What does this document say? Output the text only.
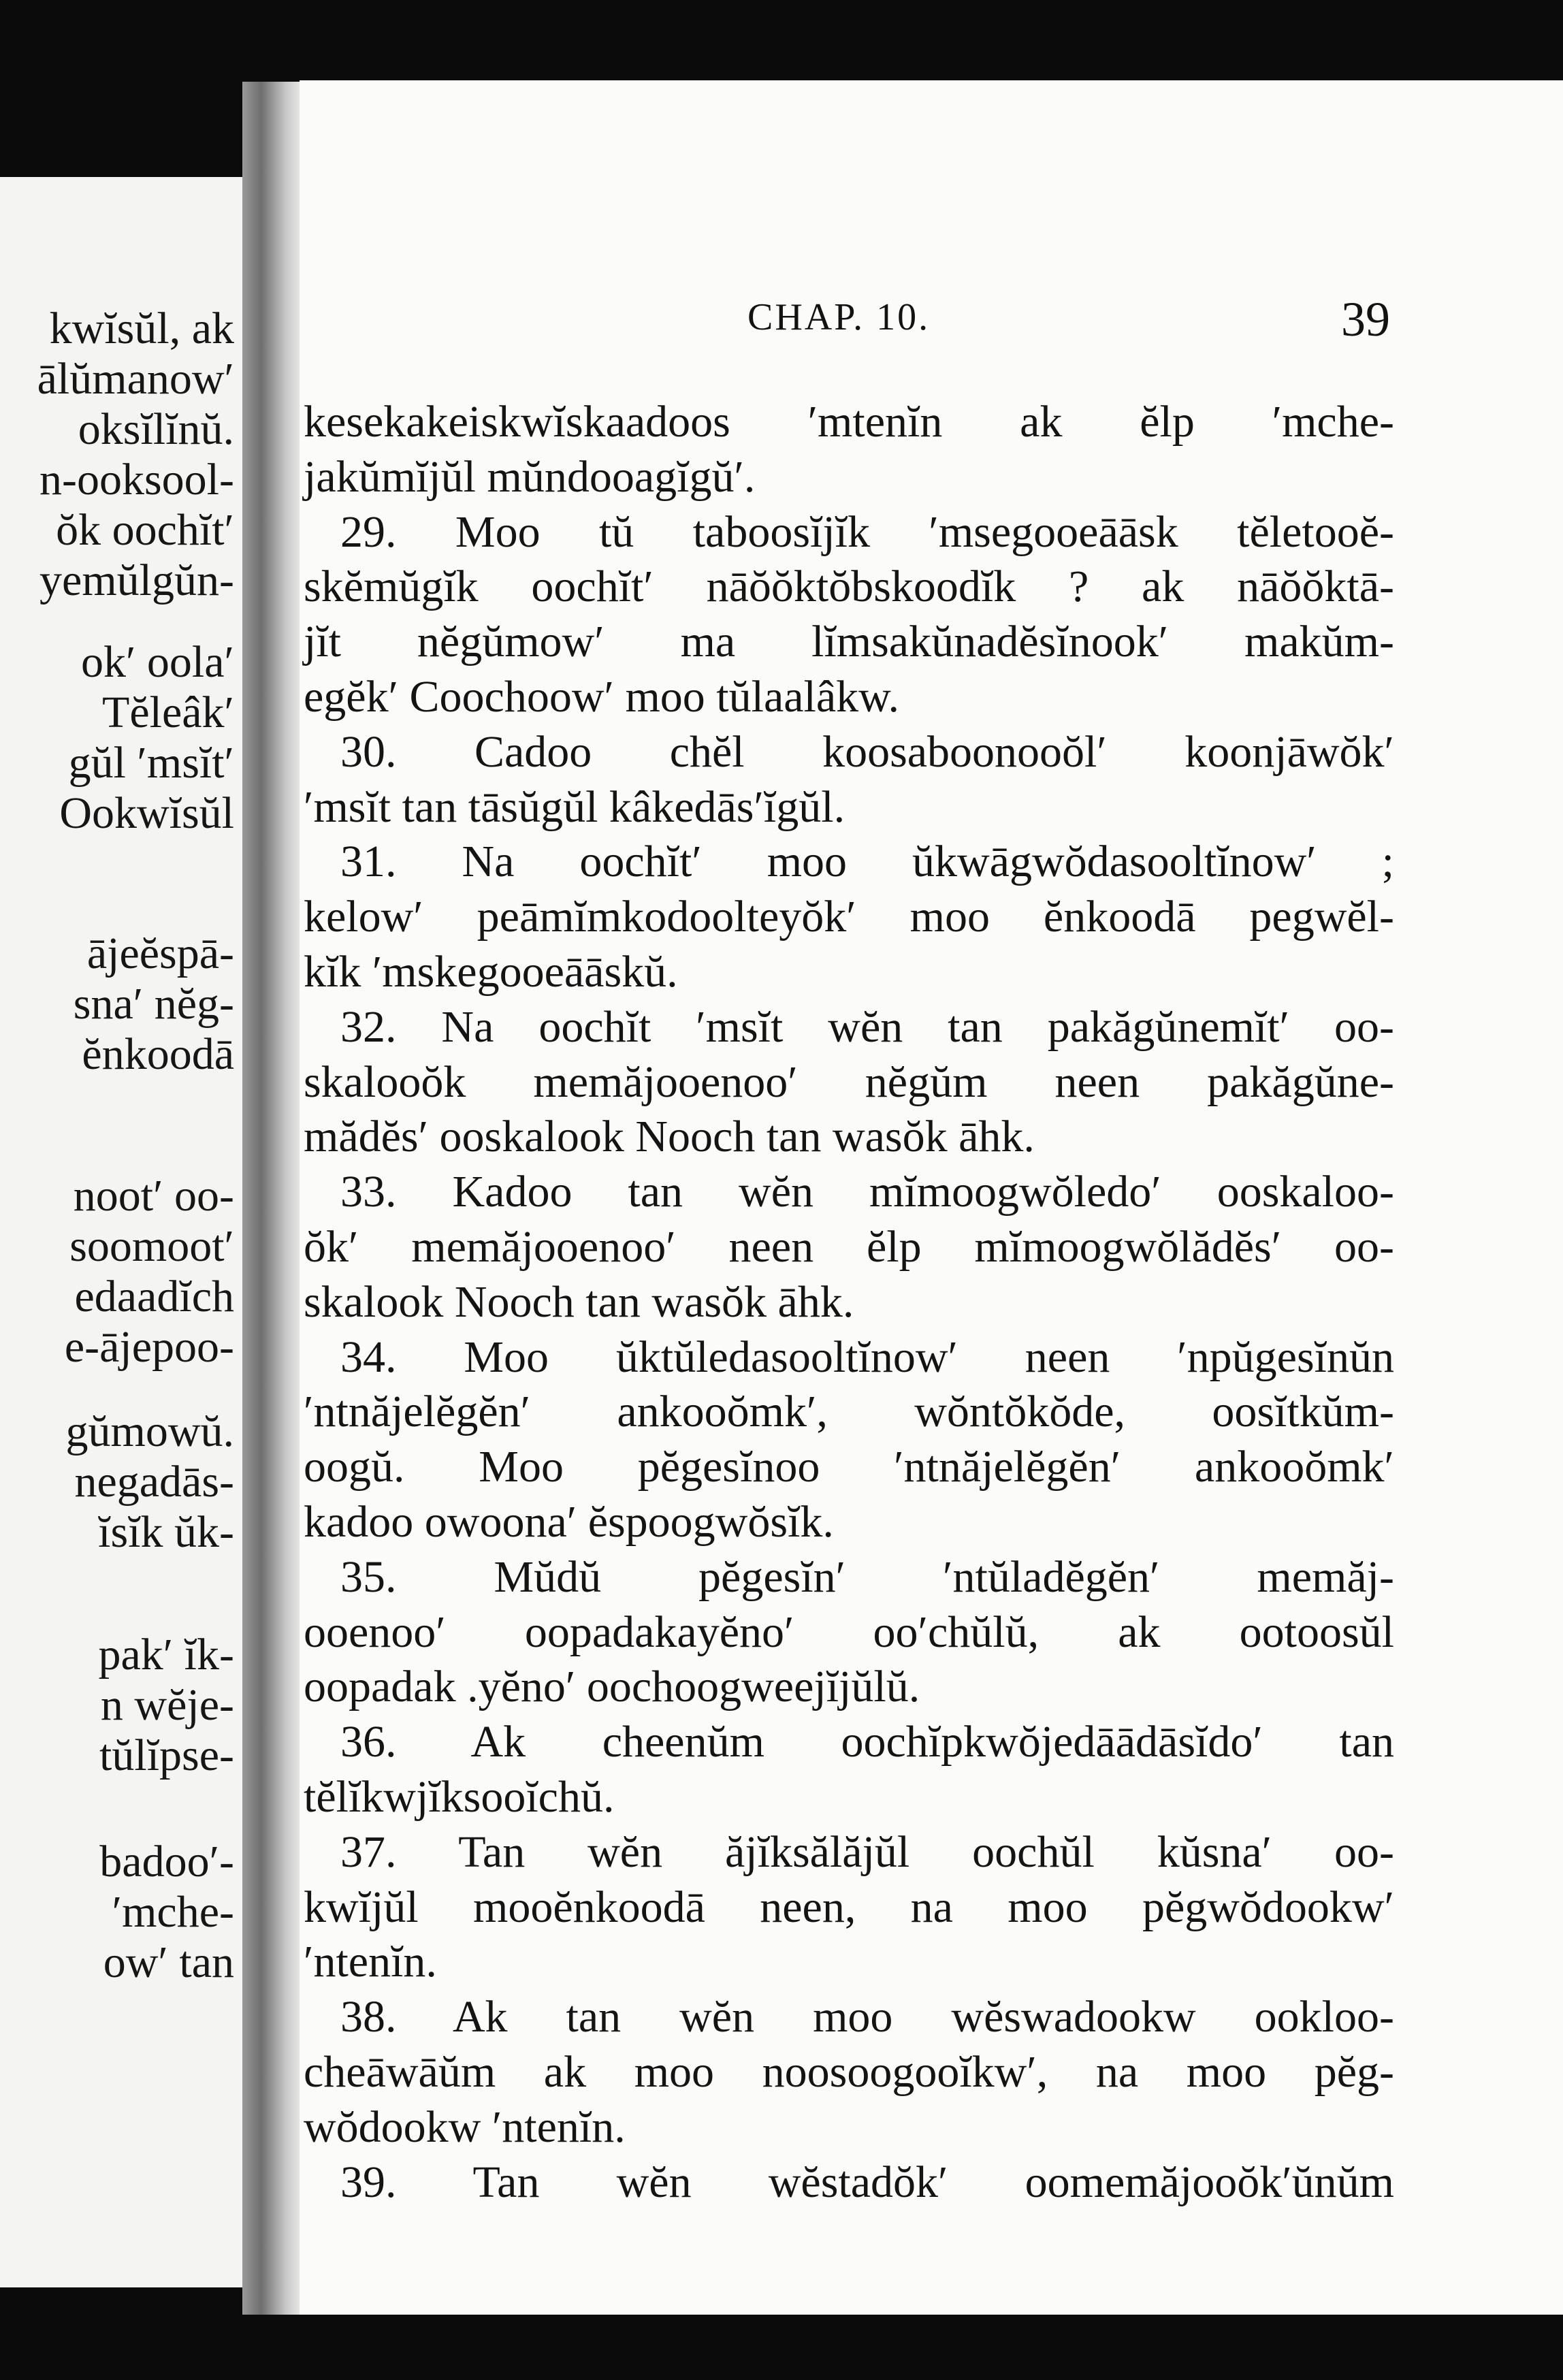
kwĭsŭl, ak
ālŭmanow′
oksĭlĭnŭ.
n-ooksool-
ŏk oochĭt′
yemŭlgŭn-
ok′ oola′
Tĕleâk′
gŭl ′msĭt′
Ookwĭsŭl
ājeĕspā-
sna′ nĕg-
ĕnkoodā
noot′ oo-
soomoot′
edaadĭch
e-ājepoo-
gŭmowŭ.
negadās-
ĭsĭk ŭk-
pak′ ĭk-
n wĕje-
tŭlĭpse-
badoo′-
′mche-
ow′ tan
CHAP. 10.	39
kesekakeiskwĭskaadoos ′mtenĭn ak ĕlp ′mche-
jakŭmĭjŭl mŭndooagĭgŭ′.
29. Moo tŭ taboosĭjĭk ′msegooeāāsk tĕletooĕ-
skĕmŭgĭk oochĭt′ nāŏŏktŏbskoodĭk ? ak nāŏŏktā-
jĭt nĕgŭmow′ ma lĭmsakŭnadĕsĭnook′ makŭm-
egĕk′ Coochoow′ moo tŭlaalâkw.
30. Cadoo chĕl koosaboonooŏl′ koonjāwŏk′
′msĭt tan tāsŭgŭl kâkedās′ĭgŭl.
31. Na oochĭt′ moo ŭkwāgwŏdasooltĭnow′ ;
kelow′ peāmĭmkodoolteyŏk′ moo ĕnkoodā pegwĕl-
kĭk ′mskegooeāāskŭ.
32. Na oochĭt ′msĭt wĕn tan pakăgŭnemĭt′ oo-
skalooŏk memăjooenoo′ nĕgŭm neen pakăgŭne-
mădĕs′ ooskalook Nooch tan wasŏk āhk.
33. Kadoo tan wĕn mĭmoogwŏledo′ ooskaloo-
ŏk′ memăjooenoo′ neen ĕlp mĭmoogwŏlădĕs′ oo-
skalook Nooch tan wasŏk āhk.
34. Moo ŭktŭledasooltĭnow′ neen ′npŭgesĭnŭn
′ntnăjelĕgĕn′ ankooŏmk′, wŏntŏkŏde, oosĭtkŭm-
oogŭ. Moo pĕgesĭnoo ′ntnăjelĕgĕn′ ankooŏmk′
kadoo owoona′ ĕspoogwŏsĭk.
35. Mŭdŭ pĕgesĭn′ ′ntŭladĕgĕn′ memăj-
ooenoo′ oopadakayĕno′ oo′chŭlŭ, ak ootoosŭl
oopadak .yĕno′ oochoogweejĭjŭlŭ.
36. Ak cheenŭm oochĭpkwŏjedāādāsĭdo′ tan
tĕlĭkwjĭksooĭchŭ.
37. Tan wĕn ăjĭksălăjŭl oochŭl kŭsna′ oo-
kwĭjŭl mooĕnkoodā neen, na moo pĕgwŏdookw′
′ntenĭn.
38. Ak tan wĕn moo wĕswadookw ookloo-
cheāwāŭm ak moo noosoogooĭkw′, na moo pĕg-
wŏdookw ′ntenĭn.
39. Tan wĕn wĕstadŏk′ oomemăjooŏk′ŭnŭm
